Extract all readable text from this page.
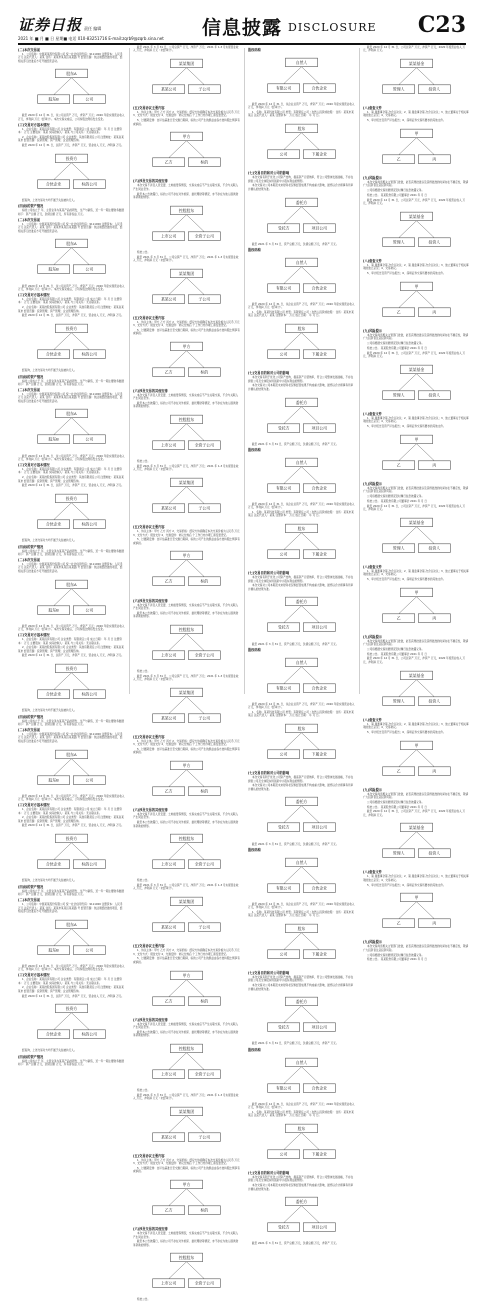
证券日报 责任 编辑
2021 年 ■ 月 ■ 日 星期■ 电话 010-83251716 E-mail:zqrb9@zqrb.sina.net 信息披露 DISCLOSURE C23
(二)本次交易前
1、公司名称：中国某某股份有限公司 统一社会信用代码：9111000 注册资本：人民币 万元 法定代表人：某某 住所：某某市某某区某某路 号 经营范围：依法须经批准的项目，经相关部门批准后方可开展经营活动。
股东A
股东B	公司
截至 2020 年 12 月 31 日，该公司总资产 万元，净资产 万元；2020 年度实现营业收入 万元，净利润 万元（经审计）。本次交易完成后，公司持股比例将发生变化。
(三)交易对方基本情况
1、企业名称：某某投资有限公司 企业类型：有限责任公司 成立日期： 年 月 日 注册资本： 万元 主要股东：某某 实际控制人：某某 与公司关系：无关联关系。
2、企业名称：某某控股集团有限公司 企业类型：其他有限责任公司 注册地址：某某省某某市 经营范围：投资管理；资产管理；企业管理咨询。
截至 2020 年 12 月 31 日，总资产 万元，净资产 万元，营业收入 万元，净利润 万元。
投资方
合伙企业	标的公司
经查询，上述交易对方均不属于失信被执行人。
(四)标的资产情况
标的公司成立于 年，主营业务为某某产品的研发、生产与销售，近一年一期主要财务数据如下：资产总额 万元，负债总额 万元，所有者权益 万元。
(二)本次交易前
1、公司名称：中国某某股份有限公司 统一社会信用代码：9111000 注册资本：人民币 万元 法定代表人：某某 住所：某某市某某区某某路 号 经营范围：依法须经批准的项目，经相关部门批准后方可开展经营活动。
股东A
股东B	公司
截至 2020 年 12 月 31 日，该公司总资产 万元，净资产 万元；2020 年度实现营业收入 万元，净利润 万元（经审计）。本次交易完成后，公司持股比例将发生变化。
(三)交易对方基本情况
1、企业名称：某某投资有限公司 企业类型：有限责任公司 成立日期： 年 月 日 注册资本： 万元 主要股东：某某 实际控制人：某某 与公司关系：无关联关系。
2、企业名称：某某控股集团有限公司 企业类型：其他有限责任公司 注册地址：某某省某某市 经营范围：投资管理；资产管理；企业管理咨询。
截至 2020 年 12 月 31 日，总资产 万元，净资产 万元，营业收入 万元，净利润 万元。
投资方
合伙企业	标的公司
经查询，上述交易对方均不属于失信被执行人。
(四)标的资产情况
标的公司成立于 年，主营业务为某某产品的研发、生产与销售，近一年一期主要财务数据如下：资产总额 万元，负债总额 万元，所有者权益 万元。
(二)本次交易前
1、公司名称：中国某某股份有限公司 统一社会信用代码：9111000 注册资本：人民币 万元 法定代表人：某某 住所：某某市某某区某某路 号 经营范围：依法须经批准的项目，经相关部门批准后方可开展经营活动。
股东A
股东B	公司
截至 2020 年 12 月 31 日，该公司总资产 万元，净资产 万元；2020 年度实现营业收入 万元，净利润 万元（经审计）。本次交易完成后，公司持股比例将发生变化。
(三)交易对方基本情况
1、企业名称：某某投资有限公司 企业类型：有限责任公司 成立日期： 年 月 日 注册资本： 万元 主要股东：某某 实际控制人：某某 与公司关系：无关联关系。
2、企业名称：某某控股集团有限公司 企业类型：其他有限责任公司 注册地址：某某省某某市 经营范围：投资管理；资产管理；企业管理咨询。
截至 2020 年 12 月 31 日，总资产 万元，净资产 万元，营业收入 万元，净利润 万元。
投资方
合伙企业	标的公司
经查询，上述交易对方均不属于失信被执行人。
(四)标的资产情况
标的公司成立于 年，主营业务为某某产品的研发、生产与销售，近一年一期主要财务数据如下：资产总额 万元，负债总额 万元，所有者权益 万元。
(二)本次交易前
1、公司名称：中国某某股份有限公司 统一社会信用代码：9111000 注册资本：人民币 万元 法定代表人：某某 住所：某某市某某区某某路 号 经营范围：依法须经批准的项目，经相关部门批准后方可开展经营活动。
股东A
股东B	公司
截至 2020 年 12 月 31 日，该公司总资产 万元，净资产 万元；2020 年度实现营业收入 万元，净利润 万元（经审计）。本次交易完成后，公司持股比例将发生变化。
(三)交易对方基本情况
1、企业名称：某某投资有限公司 企业类型：有限责任公司 成立日期： 年 月 日 注册资本： 万元 主要股东：某某 实际控制人：某某 与公司关系：无关联关系。
2、企业名称：某某控股集团有限公司 企业类型：其他有限责任公司 注册地址：某某省某某市 经营范围：投资管理；资产管理；企业管理咨询。
截至 2020 年 12 月 31 日，总资产 万元，净资产 万元，营业收入 万元，净利润 万元。
投资方
合伙企业	标的公司
经查询，上述交易对方均不属于失信被执行人。
(四)标的资产情况
标的公司成立于 年，主营业务为某某产品的研发、生产与销售，近一年一期主要财务数据如下：资产总额 万元，负债总额 万元，所有者权益 万元。
(二)本次交易前
1、公司名称：中国某某股份有限公司 统一社会信用代码：9111000 注册资本：人民币 万元 法定代表人：某某 住所：某某市某某区某某路 号 经营范围：依法须经批准的项目，经相关部门批准后方可开展经营活动。
股东A
股东B	公司
截至 2020 年 12 月 31 日，该公司总资产 万元，净资产 万元；2020 年度实现营业收入 万元，净利润 万元（经审计）。本次交易完成后，公司持股比例将发生变化。
(三)交易对方基本情况
1、企业名称：某某投资有限公司 企业类型：有限责任公司 成立日期： 年 月 日 注册资本： 万元 主要股东：某某 实际控制人：某某 与公司关系：无关联关系。
2、企业名称：某某控股集团有限公司 企业类型：其他有限责任公司 注册地址：某某省某某市 经营范围：投资管理；资产管理；企业管理咨询。
截至 2020 年 12 月 31 日，总资产 万元，净资产 万元，营业收入 万元，净利润 万元。
投资方
合伙企业	标的公司
经查询，上述交易对方均不属于失信被执行人。
(四)标的资产情况
标的公司成立于 年，主营业务为某某产品的研发、生产与销售，近一年一期主要财务数据如下：资产总额 万元，负债总额 万元，所有者权益 万元。
(二)本次交易前
1、公司名称：中国某某股份有限公司 统一社会信用代码：9111000 注册资本：人民币 万元 法定代表人：某某 住所：某某市某某区某某路 号 经营范围：依法须经批准的项目，经相关部门批准后方可开展经营活动。
股东A
股东B	公司
截至 2020 年 12 月 31 日，该公司总资产 万元，净资产 万元；2020 年度实现营业收入 万元，净利润 万元（经审计）。本次交易完成后，公司持股比例将发生变化。
(三)交易对方基本情况
1、企业名称：某某投资有限公司 企业类型：有限责任公司 成立日期： 年 月 日 注册资本： 万元 主要股东：某某 实际控制人：某某 与公司关系：无关联关系。
2、企业名称：某某控股集团有限公司 企业类型：其他有限责任公司 注册地址：某某省某某市 经营范围：投资管理；资产管理；企业管理咨询。
截至 2020 年 12 月 31 日，总资产 万元，净资产 万元，营业收入 万元，净利润 万元。
投资方
合伙企业	标的公司
经查询，上述交易对方均不属于失信被执行人。
(四)标的资产情况
标的公司成立于 年，主营业务为某某产品的研发、生产与销售，近一年一期主要财务数据如下：资产总额 万元，负债总额 万元，所有者权益 万元。
截至 2021 年 3 月 31 日，公司总资产 万元，净资产 万元；2021 年 1-3 月实现营业收入 万元，净利润 万元（未经审计）。
某某集团
某某公司	子公司
(五)交易协议主要内容
1、协议主体：甲方 乙方 丙方 2、交易价格：经双方协商确定本次交易价格为人民币 万元 3、支付方式：现金支付 4、交割安排：协议生效后 个工作日内办理工商变更登记。
5、过渡期安排：自评估基准日至交割日期间，标的公司产生的损益由各方按持股比例享有或承担。
甲方
乙方	标的
(六)涉及交易的其他安排
本次交易不涉及人员安置、土地租赁等情况，交易完成后不产生关联交易，不会与关联人产生同业竞争。
截至本公告披露日，标的公司不存在对外担保、委托理财等情况，亦不存在为他人提供财务资助的情形。
控股股东
上市公司	全资子公司
特此公告。
截至 2021 年 3 月 31 日，公司总资产 万元，净资产 万元；2021 年 1-3 月实现营业收入 万元，净利润 万元（未经审计）。
某某集团
某某公司	子公司
(五)交易协议主要内容
1、协议主体：甲方 乙方 丙方 2、交易价格：经双方协商确定本次交易价格为人民币 万元 3、支付方式：现金支付 4、交割安排：协议生效后 个工作日内办理工商变更登记。
5、过渡期安排：自评估基准日至交割日期间，标的公司产生的损益由各方按持股比例享有或承担。
甲方
乙方	标的
(六)涉及交易的其他安排
本次交易不涉及人员安置、土地租赁等情况，交易完成后不产生关联交易，不会与关联人产生同业竞争。
截至本公告披露日，标的公司不存在对外担保、委托理财等情况，亦不存在为他人提供财务资助的情形。
控股股东
上市公司	全资子公司
特此公告。
截至 2021 年 3 月 31 日，公司总资产 万元，净资产 万元；2021 年 1-3 月实现营业收入 万元，净利润 万元（未经审计）。
某某集团
某某公司	子公司
(五)交易协议主要内容
1、协议主体：甲方 乙方 丙方 2、交易价格：经双方协商确定本次交易价格为人民币 万元 3、支付方式：现金支付 4、交割安排：协议生效后 个工作日内办理工商变更登记。
5、过渡期安排：自评估基准日至交割日期间，标的公司产生的损益由各方按持股比例享有或承担。
甲方
乙方	标的
(六)涉及交易的其他安排
本次交易不涉及人员安置、土地租赁等情况，交易完成后不产生关联交易，不会与关联人产生同业竞争。
截至本公告披露日，标的公司不存在对外担保、委托理财等情况，亦不存在为他人提供财务资助的情形。
控股股东
上市公司	全资子公司
特此公告。
截至 2021 年 3 月 31 日，公司总资产 万元，净资产 万元；2021 年 1-3 月实现营业收入 万元，净利润 万元（未经审计）。
某某集团
某某公司	子公司
(五)交易协议主要内容
1、协议主体：甲方 乙方 丙方 2、交易价格：经双方协商确定本次交易价格为人民币 万元 3、支付方式：现金支付 4、交割安排：协议生效后 个工作日内办理工商变更登记。
5、过渡期安排：自评估基准日至交割日期间，标的公司产生的损益由各方按持股比例享有或承担。
甲方
乙方	标的
(六)涉及交易的其他安排
本次交易不涉及人员安置、土地租赁等情况，交易完成后不产生关联交易，不会与关联人产生同业竞争。
截至本公告披露日，标的公司不存在对外担保、委托理财等情况，亦不存在为他人提供财务资助的情形。
控股股东
上市公司	全资子公司
特此公告。
截至 2021 年 3 月 31 日，公司总资产 万元，净资产 万元；2021 年 1-3 月实现营业收入 万元，净利润 万元（未经审计）。
某某集团
某某公司	子公司
(五)交易协议主要内容
1、协议主体：甲方 乙方 丙方 2、交易价格：经双方协商确定本次交易价格为人民币 万元 3、支付方式：现金支付 4、交割安排：协议生效后 个工作日内办理工商变更登记。
5、过渡期安排：自评估基准日至交割日期间，标的公司产生的损益由各方按持股比例享有或承担。
甲方
乙方	标的
(六)涉及交易的其他安排
本次交易不涉及人员安置、土地租赁等情况，交易完成后不产生关联交易，不会与关联人产生同业竞争。
截至本公告披露日，标的公司不存在对外担保、委托理财等情况，亦不存在为他人提供财务资助的情形。
控股股东
上市公司	全资子公司
特此公告。
截至 2021 年 3 月 31 日，公司总资产 万元，净资产 万元；2021 年 1-3 月实现营业收入 万元，净利润 万元（未经审计）。
某某集团
某某公司	子公司
(五)交易协议主要内容
1、协议主体：甲方 乙方 丙方 2、交易价格：经双方协商确定本次交易价格为人民币 万元 3、支付方式：现金支付 4、交割安排：协议生效后 个工作日内办理工商变更登记。
5、过渡期安排：自评估基准日至交割日期间，标的公司产生的损益由各方按持股比例享有或承担。
甲方
乙方	标的
(六)涉及交易的其他安排
本次交易不涉及人员安置、土地租赁等情况，交易完成后不产生关联交易，不会与关联人产生同业竞争。
截至本公告披露日，标的公司不存在对外担保、委托理财等情况，亦不存在为他人提供财务资助的情形。
控股股东
上市公司	全资子公司
特此公告。
股权结构
自然人
有限公司	合伙企业
截至 2020 年 12 月 31 日，该企业总资产 万元，净资产 万元；2020 年度实现营业收入 万元，净利润 万元（经审计）。
1、名称：某某科技有限公司 类型：有限责任公司（自然人投资或控股） 住所：某某市某某区 法定代表人：某某 注册资本： 万元 成立日期： 年 月 日。
股东
公司	下属企业
(七)交易目的和对公司的影响
本次交易有利于优化公司资产结构，提高资产运营效率，符合公司整体发展战略，不存在损害公司及全体股东特别是中小股东利益的情形。
本次交易对公司本期及未来财务状况和经营成果不构成重大影响，最终以会计师事务所审计确认的结果为准。
委托方
受托方	项目公司
截至 2021 年 3 月 31 日，资产总额 万元，负债总额 万元，净资产 万元。
股权结构
自然人
有限公司	合伙企业
截至 2020 年 12 月 31 日，该企业总资产 万元，净资产 万元；2020 年度实现营业收入 万元，净利润 万元（经审计）。
1、名称：某某科技有限公司 类型：有限责任公司（自然人投资或控股） 住所：某某市某某区 法定代表人：某某 注册资本： 万元 成立日期： 年 月 日。
股东
公司	下属企业
(七)交易目的和对公司的影响
本次交易有利于优化公司资产结构，提高资产运营效率，符合公司整体发展战略，不存在损害公司及全体股东特别是中小股东利益的情形。
本次交易对公司本期及未来财务状况和经营成果不构成重大影响，最终以会计师事务所审计确认的结果为准。
委托方
受托方	项目公司
截至 2021 年 3 月 31 日，资产总额 万元，负债总额 万元，净资产 万元。
股权结构
自然人
有限公司	合伙企业
截至 2020 年 12 月 31 日，该企业总资产 万元，净资产 万元；2020 年度实现营业收入 万元，净利润 万元（经审计）。
1、名称：某某科技有限公司 类型：有限责任公司（自然人投资或控股） 住所：某某市某某区 法定代表人：某某 注册资本： 万元 成立日期： 年 月 日。
股东
公司	下属企业
(七)交易目的和对公司的影响
本次交易有利于优化公司资产结构，提高资产运营效率，符合公司整体发展战略，不存在损害公司及全体股东特别是中小股东利益的情形。
本次交易对公司本期及未来财务状况和经营成果不构成重大影响，最终以会计师事务所审计确认的结果为准。
委托方
受托方	项目公司
截至 2021 年 3 月 31 日，资产总额 万元，负债总额 万元，净资产 万元。
股权结构
自然人
有限公司	合伙企业
截至 2020 年 12 月 31 日，该企业总资产 万元，净资产 万元；2020 年度实现营业收入 万元，净利润 万元（经审计）。
1、名称：某某科技有限公司 类型：有限责任公司（自然人投资或控股） 住所：某某市某某区 法定代表人：某某 注册资本： 万元 成立日期： 年 月 日。
股东
公司	下属企业
(七)交易目的和对公司的影响
本次交易有利于优化公司资产结构，提高资产运营效率，符合公司整体发展战略，不存在损害公司及全体股东特别是中小股东利益的情形。
本次交易对公司本期及未来财务状况和经营成果不构成重大影响，最终以会计师事务所审计确认的结果为准。
委托方
受托方	项目公司
截至 2021 年 3 月 31 日，资产总额 万元，负债总额 万元，净资产 万元。
股权结构
自然人
有限公司	合伙企业
截至 2020 年 12 月 31 日，该企业总资产 万元，净资产 万元；2020 年度实现营业收入 万元，净利润 万元（经审计）。
1、名称：某某科技有限公司 类型：有限责任公司（自然人投资或控股） 住所：某某市某某区 法定代表人：某某 注册资本： 万元 成立日期： 年 月 日。
股东
公司	下属企业
(七)交易目的和对公司的影响
本次交易有利于优化公司资产结构，提高资产运营效率，符合公司整体发展战略，不存在损害公司及全体股东特别是中小股东利益的情形。
本次交易对公司本期及未来财务状况和经营成果不构成重大影响，最终以会计师事务所审计确认的结果为准。
委托方
受托方	项目公司
截至 2021 年 3 月 31 日，资产总额 万元，负债总额 万元，净资产 万元。
股权结构
自然人
有限公司	合伙企业
截至 2020 年 12 月 31 日，该企业总资产 万元，净资产 万元；2020 年度实现营业收入 万元，净利润 万元（经审计）。
1、名称：某某科技有限公司 类型：有限责任公司（自然人投资或控股） 住所：某某市某某区 法定代表人：某某 注册资本： 万元 成立日期： 年 月 日。
股东
公司	下属企业
(七)交易目的和对公司的影响
本次交易有利于优化公司资产结构，提高资产运营效率，符合公司整体发展战略，不存在损害公司及全体股东特别是中小股东利益的情形。
本次交易对公司本期及未来财务状况和经营成果不构成重大影响，最终以会计师事务所审计确认的结果为准。
委托方
受托方	项目公司
截至 2021 年 3 月 31 日，资产总额 万元，负债总额 万元，净资产 万元。
截至 2020 年 12 月 31 日，公司总资产 万元，净资产 万元，2020 年度营业收入 万元，净利润 万元。
某某基金
管理人	投资人
(八)备查文件
1、第 届董事会第 次会议决议；2、第 届监事会第 次会议决议；3、独立董事关于相关事项的独立意见；4、交易协议。
5、审计报告及资产评估报告；6、深圳证券交易所要求的其他文件。
甲
乙	丙
(九)风险提示
本次交易尚需相关主管部门批准，能否获得批准以及获得批准的时间存在不确定性，敬请广大投资者注意投资风险。
公司将根据交易进展情况及时履行信息披露义务。
特此公告。 某某股份有限公司董事会 2021 年 月 日
截至 2020 年 12 月 31 日，公司总资产 万元，净资产 万元，2020 年度营业收入 万元，净利润 万元。
某某基金
管理人	投资人
(八)备查文件
1、第 届董事会第 次会议决议；2、第 届监事会第 次会议决议；3、独立董事关于相关事项的独立意见；4、交易协议。
5、审计报告及资产评估报告；6、深圳证券交易所要求的其他文件。
甲
乙	丙
(九)风险提示
本次交易尚需相关主管部门批准，能否获得批准以及获得批准的时间存在不确定性，敬请广大投资者注意投资风险。
公司将根据交易进展情况及时履行信息披露义务。
特此公告。 某某股份有限公司董事会 2021 年 月 日
截至 2020 年 12 月 31 日，公司总资产 万元，净资产 万元，2020 年度营业收入 万元，净利润 万元。
某某基金
管理人	投资人
(八)备查文件
1、第 届董事会第 次会议决议；2、第 届监事会第 次会议决议；3、独立董事关于相关事项的独立意见；4、交易协议。
5、审计报告及资产评估报告；6、深圳证券交易所要求的其他文件。
甲
乙	丙
(九)风险提示
本次交易尚需相关主管部门批准，能否获得批准以及获得批准的时间存在不确定性，敬请广大投资者注意投资风险。
公司将根据交易进展情况及时履行信息披露义务。
特此公告。 某某股份有限公司董事会 2021 年 月 日
截至 2020 年 12 月 31 日，公司总资产 万元，净资产 万元，2020 年度营业收入 万元，净利润 万元。
某某基金
管理人	投资人
(八)备查文件
1、第 届董事会第 次会议决议；2、第 届监事会第 次会议决议；3、独立董事关于相关事项的独立意见；4、交易协议。
5、审计报告及资产评估报告；6、深圳证券交易所要求的其他文件。
甲
乙	丙
(九)风险提示
本次交易尚需相关主管部门批准，能否获得批准以及获得批准的时间存在不确定性，敬请广大投资者注意投资风险。
公司将根据交易进展情况及时履行信息披露义务。
特此公告。 某某股份有限公司董事会 2021 年 月 日
截至 2020 年 12 月 31 日，公司总资产 万元，净资产 万元，2020 年度营业收入 万元，净利润 万元。
某某基金
管理人	投资人
(八)备查文件
1、第 届董事会第 次会议决议；2、第 届监事会第 次会议决议；3、独立董事关于相关事项的独立意见；4、交易协议。
5、审计报告及资产评估报告；6、深圳证券交易所要求的其他文件。
甲
乙	丙
(九)风险提示
本次交易尚需相关主管部门批准，能否获得批准以及获得批准的时间存在不确定性，敬请广大投资者注意投资风险。
公司将根据交易进展情况及时履行信息披露义务。
特此公告。 某某股份有限公司董事会 2021 年 月 日
截至 2020 年 12 月 31 日，公司总资产 万元，净资产 万元，2020 年度营业收入 万元，净利润 万元。
某某基金
管理人	投资人
(八)备查文件
1、第 届董事会第 次会议决议；2、第 届监事会第 次会议决议；3、独立董事关于相关事项的独立意见；4、交易协议。
5、审计报告及资产评估报告；6、深圳证券交易所要求的其他文件。
甲
乙	丙
(九)风险提示
本次交易尚需相关主管部门批准，能否获得批准以及获得批准的时间存在不确定性，敬请广大投资者注意投资风险。
公司将根据交易进展情况及时履行信息披露义务。
特此公告。 某某股份有限公司董事会 2021 年 月 日
